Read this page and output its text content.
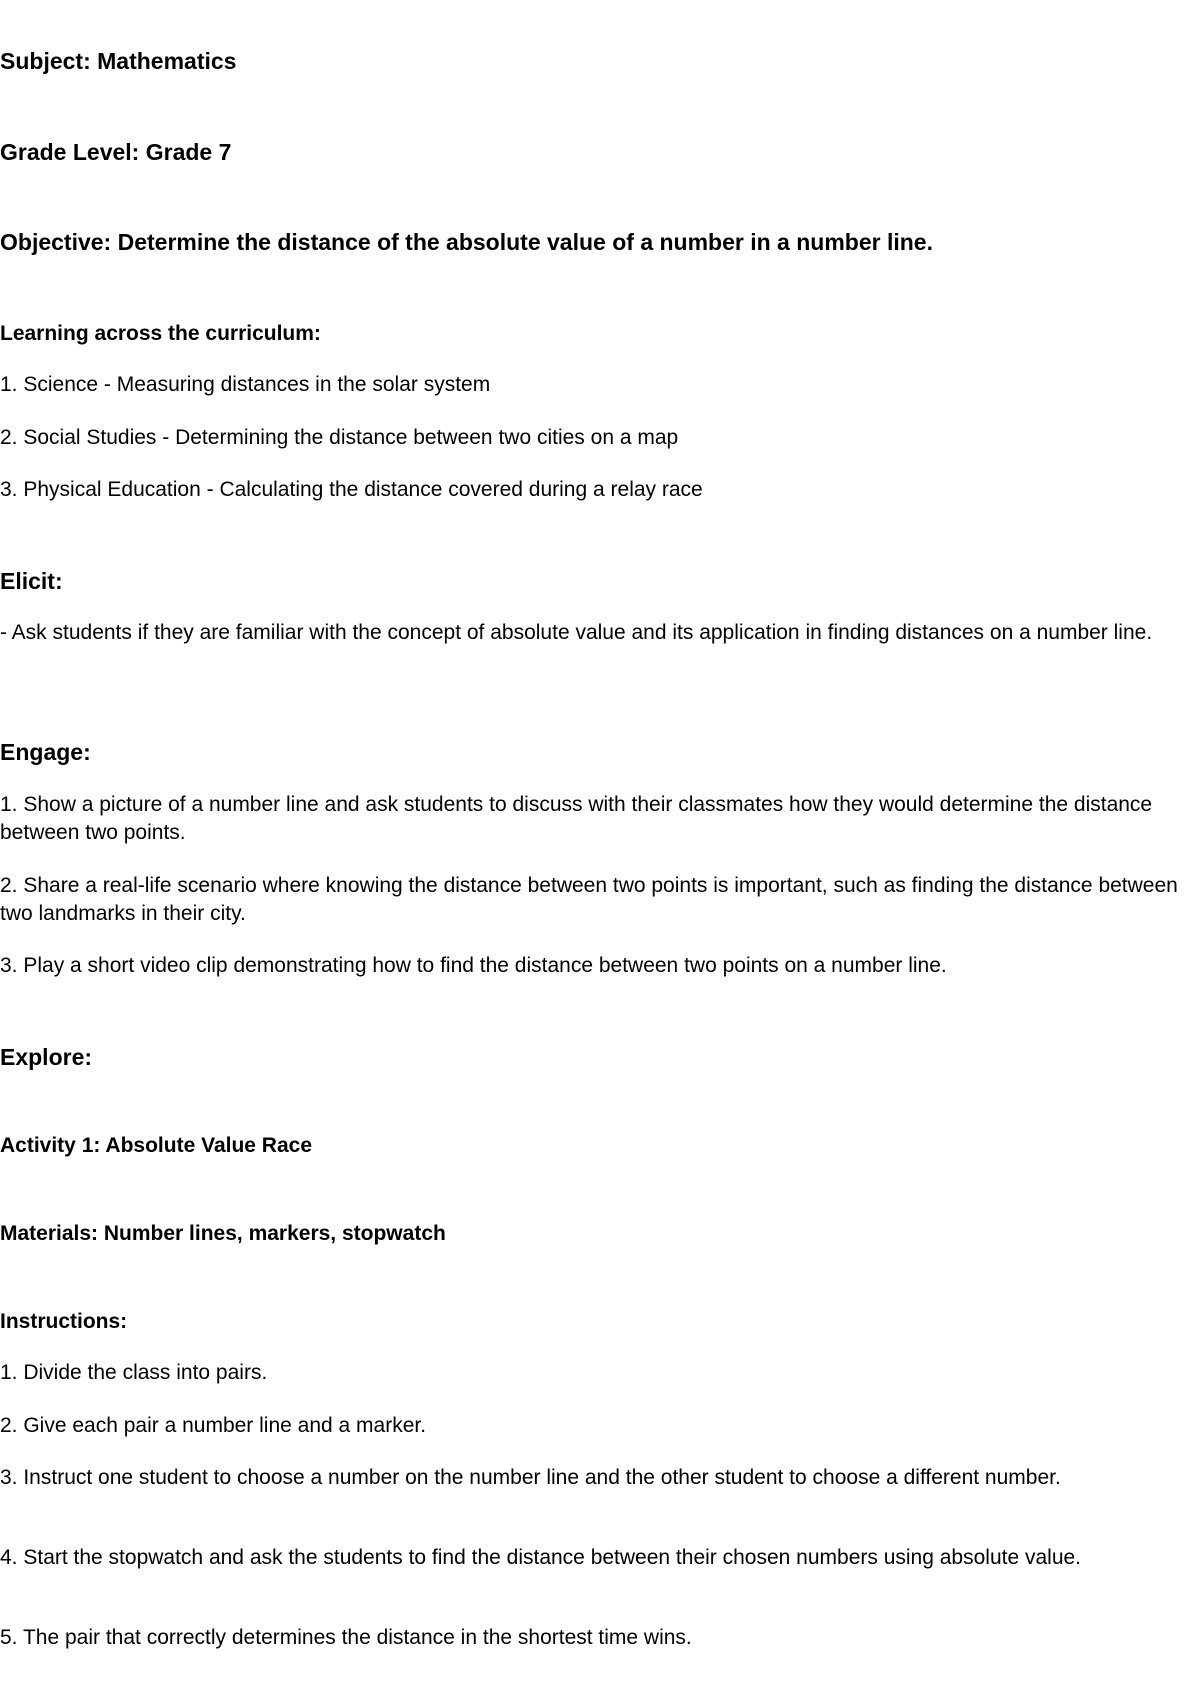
Subject: Mathematics

Grade Level: Grade 7

Objective: Determine the distance of the absolute value of a number in a number line.

Learning across the curriculum:

1. Science - Measuring distances in the solar system

2. Social Studies - Determining the distance between two cities on a map

3. Physical Education - Calculating the distance covered during a relay race

Elicit:

- Ask students if they are familiar with the concept of absolute value and its application in finding distances on a number line.

Engage:

1. Show a picture of a number line and ask students to discuss with their classmates how they would determine the distance between two points.

2. Share a real-life scenario where knowing the distance between two points is important, such as finding the distance between two landmarks in their city.

3. Play a short video clip demonstrating how to find the distance between two points on a number line.

Explore:

Activity 1: Absolute Value Race

Materials: Number lines, markers, stopwatch

Instructions:

1. Divide the class into pairs.

2. Give each pair a number line and a marker.

3. Instruct one student to choose a number on the number line and the other student to choose a different number.

4. Start the stopwatch and ask the students to find the distance between their chosen numbers using absolute value.

5. The pair that correctly determines the distance in the shortest time wins.
